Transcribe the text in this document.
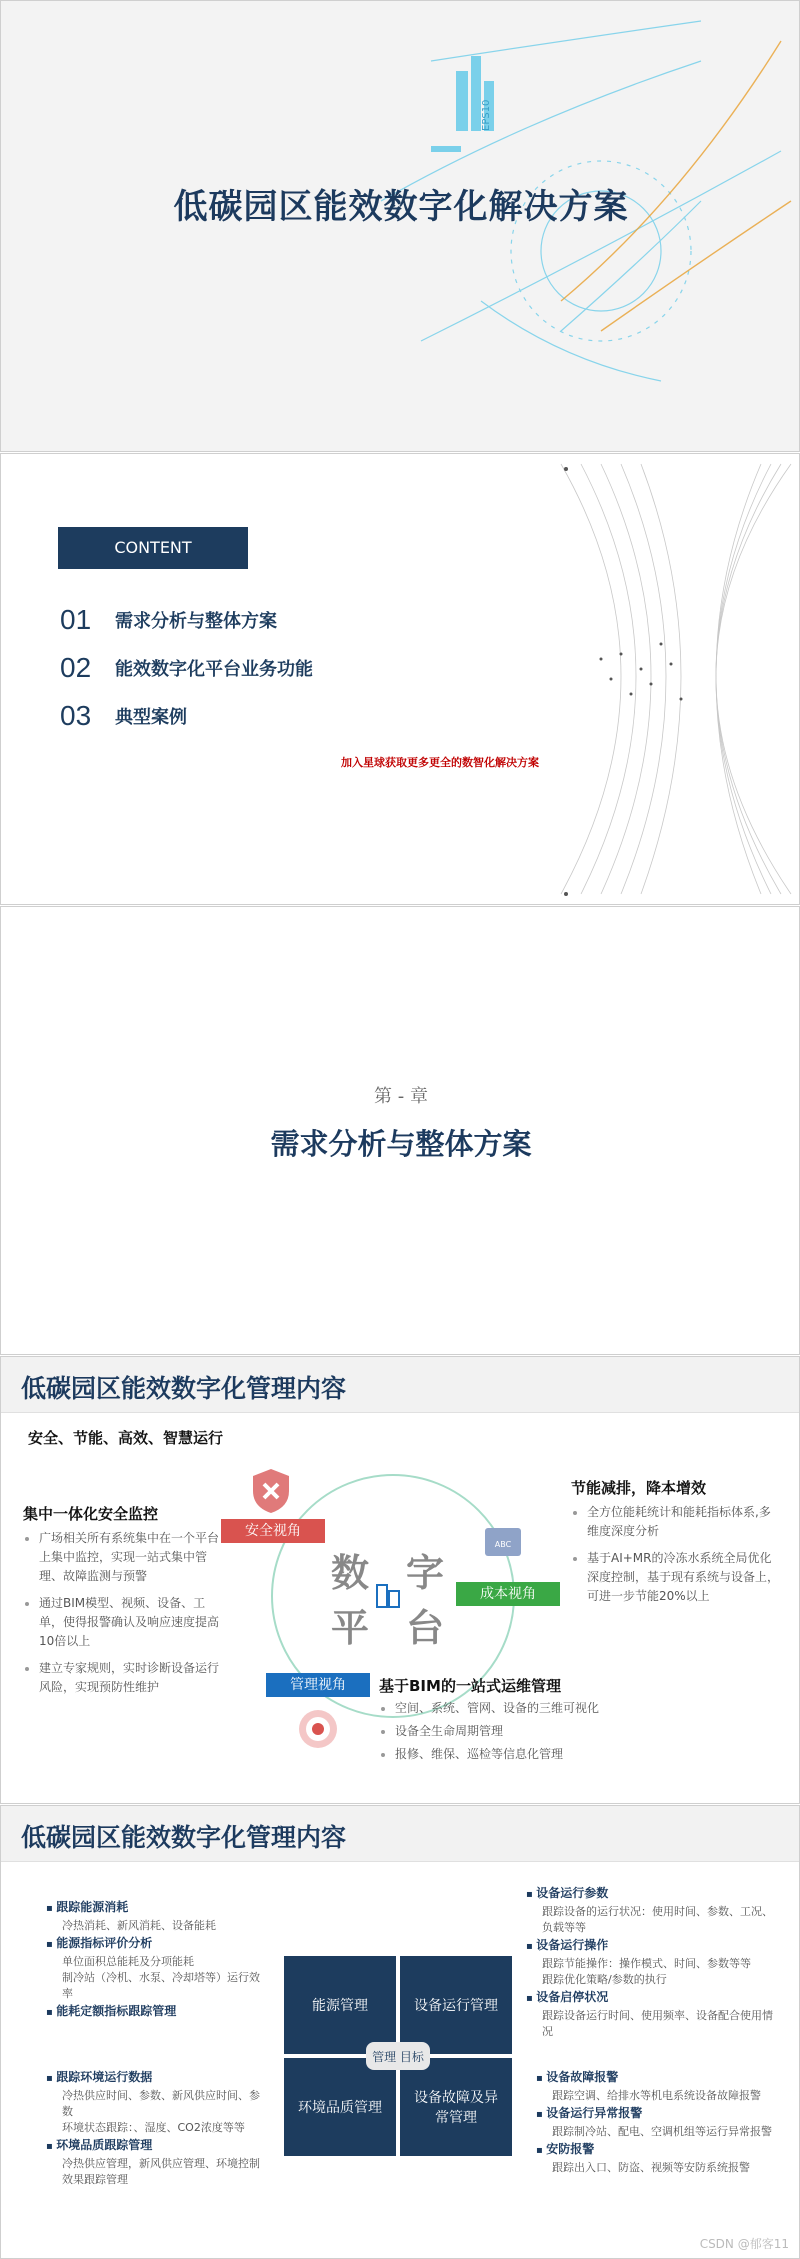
EPS10
低碳园区能效数字化解决方案
CONTENT
01	需求分析与整体方案
02	能效数字化平台业务功能
03	典型案例
加入星球获取更多更全的数智化解决方案
第 - 章
需求分析与整体方案
低碳园区能效数字化管理内容
安全、节能、高效、智慧运行
集中一体化安全监控
• 广场相关所有系统集中在一个平台上集中监控，实现一站式集中管理、故障监测与预警
• 通过BIM模型、视频、设备、工单，使得报警确认及响应速度提高10倍以上
• 建立专家规则，实时诊断设备运行风险，实现预防性维护
节能减排，降本增效
• 全方位能耗统计和能耗指标体系,多维度深度分析
• 基于AI+MR的冷冻水系统全局优化深度控制，基于现有系统与设备上，可进一步节能20%以上
数 字
平 台
安全视角
ABC
成本视角
管理视角	基于BIM的一站式运维管理
• 空间、系统、管网、设备的三维可视化
• 设备全生命周期管理
• 报修、维保、巡检等信息化管理
低碳园区能效数字化管理内容
▪ 跟踪能源消耗
冷热消耗、新风消耗、设备能耗
▪ 能源指标评价分析
单位面积总能耗及分项能耗
制冷站（冷机、水泵、冷却塔等）运行效率
▪ 能耗定额指标跟踪管理
▪ 跟踪环境运行数据
冷热供应时间、参数、新风供应时间、参数
环境状态跟踪：、湿度、CO2浓度等等
▪ 环境品质跟踪管理
冷热供应管理，新风供应管理、环境控制效果跟踪管理
能源管理	设备运行管理
环境品质管理
设备故障及异常管理
管理 目标
▪ 设备运行参数
跟踪设备的运行状况：使用时间、参数、工况、负载等等
▪ 设备运行操作
跟踪节能操作：操作模式、时间、参数等等
跟踪优化策略/参数的执行
▪ 设备启停状况
跟踪设备运行时间、使用频率、设备配合使用情况
▪ 设备故障报警
跟踪空调、给排水等机电系统设备故障报警
▪ 设备运行异常报警
跟踪制冷站、配电、空调机组等运行异常报警
▪ 安防报警
跟踪出入口、防盗、视频等安防系统报警
CSDN @郁客11
